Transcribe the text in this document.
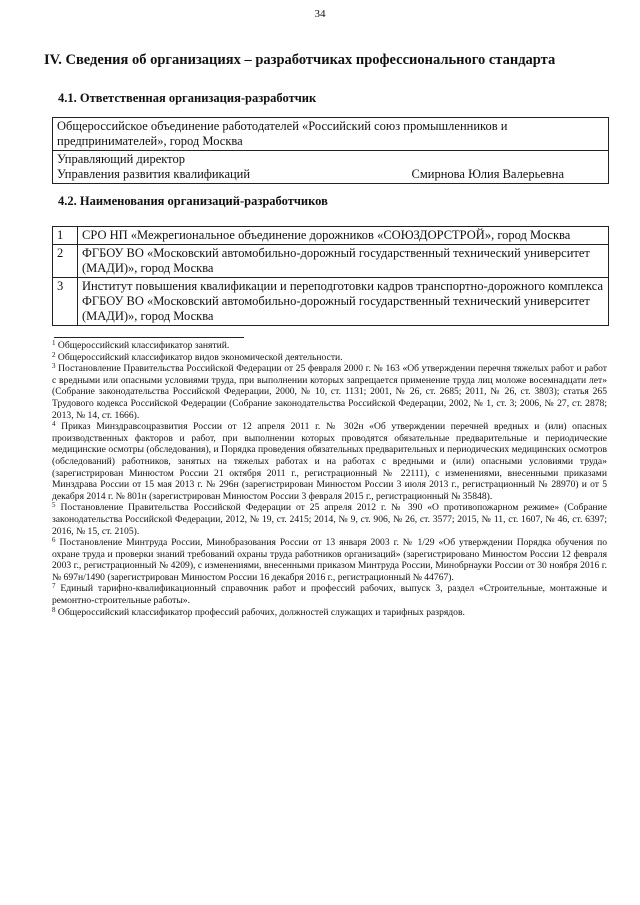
34
IV. Сведения об организациях – разработчиках профессионального стандарта
4.1. Ответственная организация-разработчик
Общероссийское объединение работодателей «Российский союз промышленников и предпринимателей», город Москва
Управляющий директор
Управления развития квалификаций	Смирнова Юлия Валерьевна
4.2. Наименования организаций-разработчиков
1	СРО НП «Межрегиональное объединение дорожников «СОЮЗДОРСТРОЙ», город Москва
2	ФГБОУ ВО «Московский автомобильно-дорожный государственный технический университет (МАДИ)», город Москва
3	Институт повышения квалификации и переподготовки кадров транспортно-дорожного комплекса ФГБОУ ВО «Московский автомобильно-дорожный государственный технический университет (МАДИ)», город Москва

$^1$ Общероссийский классификатор занятий.

$^2$ Общероссийский классификатор видов экономической деятельности.

$^3$ Постановление Правительства Российской Федерации от 25 февраля 2000 г. № 163 «Об утверждении перечня тяжелых работ и работ с вредными или опасными условиями труда, при выполнении которых запрещается применение труда лиц моложе восемнадцати лет» (Собрание законодательства Российской Федерации, 2000, № 10, ст. 1131; 2001, № 26, ст. 2685; 2011, № 26, ст. 3803); статья 265 Трудового кодекса Российской Федерации (Собрание законодательства Российской Федерации, 2002, № 1, ст. 3; 2006, № 27, ст. 2878; 2013, № 14, ст. 1666).

$^4$ Приказ Минздравсоцразвития России от 12 апреля 2011 г. № 302н «Об утверждении перечней вредных и (или) опасных производственных факторов и работ, при выполнении которых проводятся обязательные предварительные и периодические медицинские осмотры (обследования), и Порядка проведения обязательных предварительных и периодических медицинских осмотров (обследований) работников, занятых на тяжелых работах и на работах с вредными и (или) опасными условиями труда» (зарегистрирован Минюстом России 21 октября 2011 г., регистрационный № 22111), с изменениями, внесенными приказами Минздрава России от 15 мая 2013 г. № 296н (зарегистрирован Минюстом России 3 июля 2013 г., регистрационный № 28970) и от 5 декабря 2014 г. № 801н (зарегистрирован Минюстом России 3 февраля 2015 г., регистрационный № 35848).

$^5$ Постановление Правительства Российской Федерации от 25 апреля 2012 г. № 390 «О противопожарном режиме» (Собрание законодательства Российской Федерации, 2012, № 19, ст. 2415; 2014, № 9, ст. 906, № 26, ст. 3577; 2015, № 11, ст. 1607, № 46, ст. 6397; 2016, № 15, ст. 2105).

$^6$ Постановление Минтруда России, Минобразования России от 13 января 2003 г. № 1/29 «Об утверждении Порядка обучения по охране труда и проверки знаний требований охраны труда работников организаций» (зарегистрировано Минюстом России 12 февраля 2003 г., регистрационный № 4209), с изменениями, внесенными приказом Минтруда России, Минобрнауки России от 30 ноября 2016 г. № 697н/1490 (зарегистрирован Минюстом России 16 декабря 2016 г., регистрационный № 44767).

$^7$ Единый тарифно-квалификационный справочник работ и профессий рабочих, выпуск 3, раздел «Строительные, монтажные и ремонтно-строительные работы».

$^8$ Общероссийский классификатор профессий рабочих, должностей служащих и тарифных разрядов.
